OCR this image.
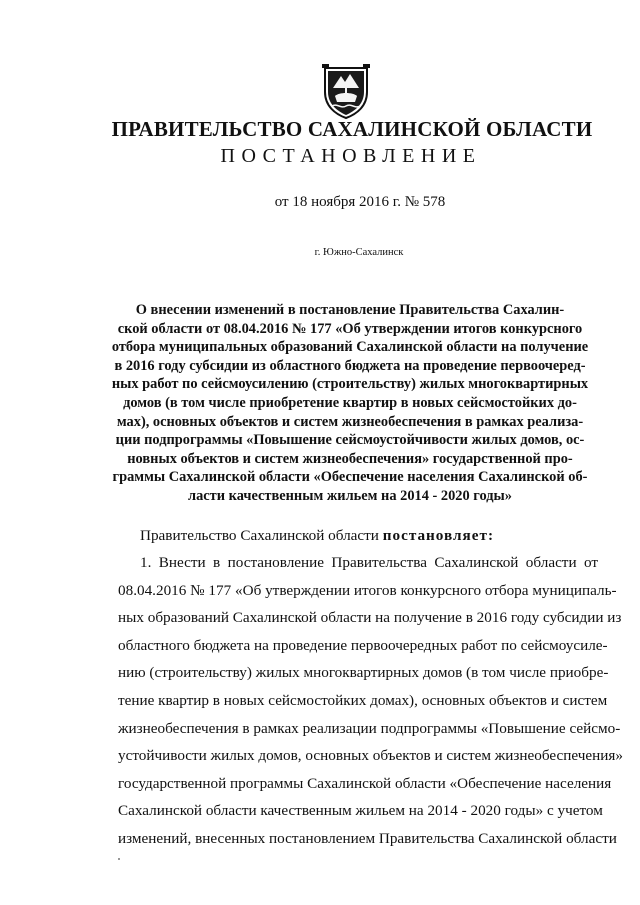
ПРАВИТЕЛЬСТВО САХАЛИНСКОЙ ОБЛАСТИ
ПОСТАНОВЛЕНИЕ
от 18 ноября 2016 г. № 578
г. Южно-Сахалинск
О внесении изменений в постановление Правительства Сахалин-
ской области от 08.04.2016 № 177 «Об утверждении итогов конкурсного
отбора муниципальных образований Сахалинской области на получение
в 2016 году субсидии из областного бюджета на проведение первоочеред-
ных работ по сейсмоусилению (строительству) жилых многоквартирных
домов (в том числе приобретение квартир в новых сейсмостойких до-
мах), основных объектов и систем жизнеобеспечения в рамках реализа-
ции подпрограммы «Повышение сейсмоустойчивости жилых домов, ос-
новных объектов и систем жизнеобеспечения» государственной про-
граммы Сахалинской области «Обеспечение населения Сахалинской об-
ласти качественным жильем на 2014 - 2020 годы»
Правительство Сахалинской области постановляет:
1. Внести в постановление Правительства Сахалинской области от
08.04.2016 № 177 «Об утверждении итогов конкурсного отбора муниципаль-
ных образований Сахалинской области на получение в 2016 году субсидии из
областного бюджета на проведение первоочередных работ по сейсмоусиле-
нию (строительству) жилых многоквартирных домов (в том числе приобре-
тение квартир в новых сейсмостойких домах), основных объектов и систем
жизнеобеспечения в рамках реализации подпрограммы «Повышение сейсмо-
устойчивости жилых домов, основных объектов и систем жизнеобеспечения»
государственной программы Сахалинской области «Обеспечение населения
Сахалинской области качественным жильем на 2014 - 2020 годы» с учетом
изменений, внесенных постановлением Правительства Сахалинской области
